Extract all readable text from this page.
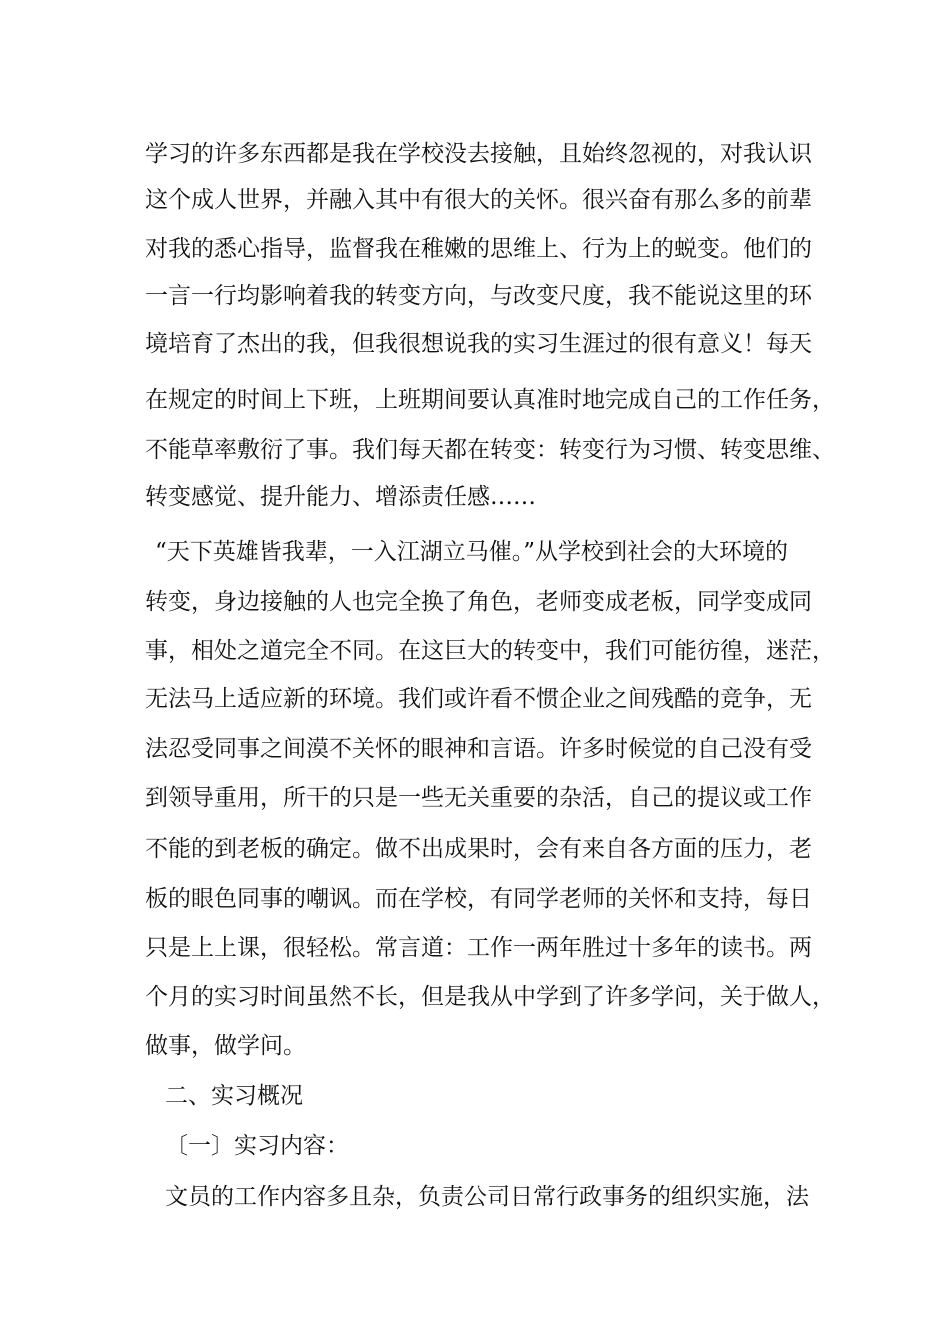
学习的许多东西都是我在学校没去接触，且始终忽视的，对我认识
这个成人世界，并融入其中有很大的关怀。很兴奋有那么多的前辈
对我的悉心指导，监督我在稚嫩的思维上、行为上的蜕变。他们的
一言一行均影响着我的转变方向，与改变尺度，我不能说这里的环
境培育了杰出的我，但我很想说我的实习生涯过的很有意义！每天
在规定的时间上下班，上班期间要认真准时地完成自己的工作任务，
不能草率敷衍了事。我们每天都在转变：转变行为习惯、转变思维、
转变感觉、提升能力、增添责任感……
“天下英雄皆我辈，一入江湖立马催。”从学校到社会的大环境的
转变，身边接触的人也完全换了角色，老师变成老板，同学变成同
事，相处之道完全不同。在这巨大的转变中，我们可能彷徨，迷茫，
无法马上适应新的环境。我们或许看不惯企业之间残酷的竞争，无
法忍受同事之间漠不关怀的眼神和言语。许多时候觉的自己没有受
到领导重用，所干的只是一些无关重要的杂活，自己的提议或工作
不能的到老板的确定。做不出成果时，会有来自各方面的压力，老
板的眼色同事的嘲讽。而在学校，有同学老师的关怀和支持，每日
只是上上课，很轻松。常言道：工作一两年胜过十多年的读书。两
个月的实习时间虽然不长，但是我从中学到了许多学问，关于做人，
做事，做学问。
二、实习概况
〔一〕实习内容：
文员的工作内容多且杂，负责公司日常行政事务的组织实施，法
